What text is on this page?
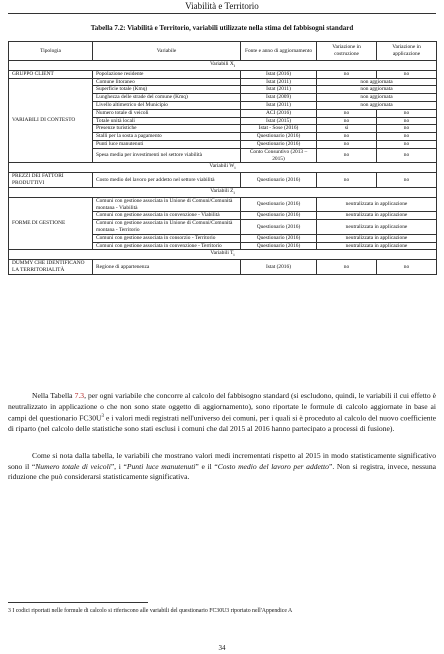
Viabilità e Territorio
Tabella 7.2: Viabilità e Territorio, variabili utilizzate nella stima del fabbisogni standard
Tipologia	Variabile	Fonte e anno di aggiornamento	Variazione in costruzione	Variazione in applicazione
Variabili $X_i$
GRUPPO CLIENT	Popolazione residente	Istat (2016)	no	no
VARIABILI DI CONTESTO	Comune litoraneo	Istat (2011)	non aggiornata	
	Superficie totale (Kmq)	Istat (2011)	non aggiornata	
	Lunghezza delle strade del comune (Kmq)	Istat (2009)	non aggiornata	
	Livello altimetrico del Municipio	Istat (2011)	non aggiornata	
	Numero totale di veicoli	ACI (2016)	no	no
	Totale unità locali	Istat (2015)	no	no
	Presenze turistiche	Istat - Sose (2016)	sì	no
	Stalli per la sosta a pagamento	Questionario (2016)	no	no
	Punti luce manutenuti	Questionario (2016)	no	no
	Spesa media per investimenti nel settore viabilità	Conto Consuntivo (2013 – 2015)	no	no
Variabili $W_i$
PREZZI DEI FATTORI PRODUTTIVI	Costo medio del lavoro per addetto nel settore viabilità	Questionario (2016)	no	no
Variabili $Z_i$
FORME DI GESTIONE	Comuni con gestione associata in Unione di Comuni/Comunità montana - Viabilità	Questionario (2016)	neutralizzata in applicazione	
	Comuni con gestione associata in convenzione - Viabilità	Questionario (2016)	neutralizzata in applicazione	
	Comuni con gestione associata in Unione di Comuni/Comunità montana - Territorio	Questionario (2016)	neutralizzata in applicazione	
	Comuni con gestione associata in consorzio - Territorio	Questionario (2016)	neutralizzata in applicazione	
	Comuni con gestione associata in convenzione - Territorio	Questionario (2016)	neutralizzata in applicazione	
Variabili $T_i$
DUMMY CHE IDENTIFICANO LA TERRITORIALITÀ	Regione di appartenenza	Istat (2016)	no	no
Nella Tabella 7.3, per ogni variabile che concorre al calcolo del fabbisogno standard (si escludono, quindi, le variabili il cui effetto è neutralizzato in applicazione o che non sono state oggetto di aggiornamento), sono riportate le formule di calcolo aggiornate in base ai campi del questionario $FC30U^3$ e i valori medi registrati nell'universo dei comuni, per i quali si è proceduto al calcolo del nuovo coefficiente di riparto (nel calcolo delle statistiche sono stati esclusi i comuni che dal 2015 al 2016 hanno partecipato a processi di fusione).
Come si nota dalla tabella, le variabili che mostrano valori medi incrementati rispetto al 2015 in modo statisticamente significativo sono il “Numero totale di veicoli”, i “Punti luce manutenuti” e il “Costo medio del lavoro per addetto”. Non si registra, invece, nessuna riduzione che può considerarsi statisticamente significativa.
3 I codici riportati nelle formule di calcolo si riferiscono alle variabili del questionario FC30U3 riportato nell'Appendice A
34
